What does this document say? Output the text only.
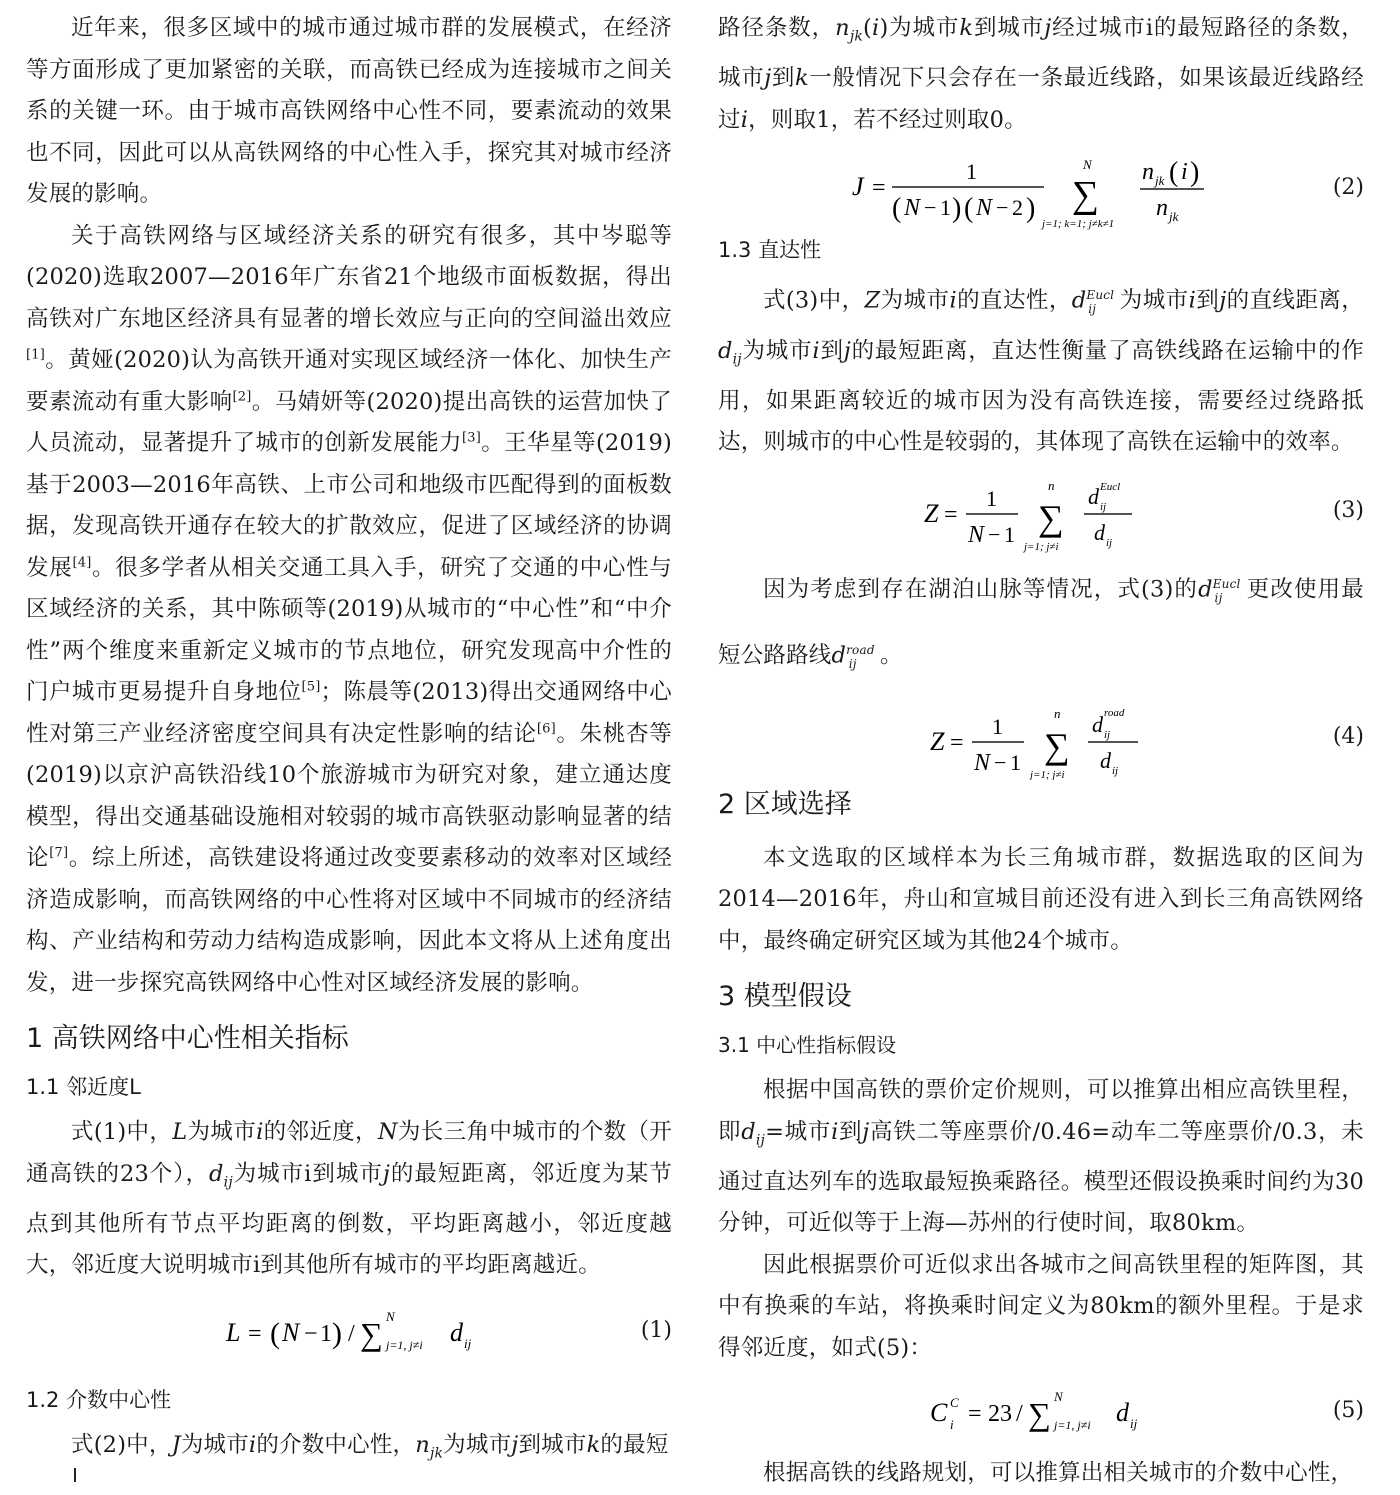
近年来，很多区域中的城市通过城市群的发展模式，在经济等方面形成了更加紧密的关联，而高铁已经成为连接城市之间关系的关键一环。由于城市高铁网络中心性不同，要素流动的效果也不同，因此可以从高铁网络的中心性入手，探究其对城市经济发展的影响。

关于高铁网络与区域经济关系的研究有很多，其中岑聪等(2020)选取2007—2016年广东省21个地级市面板数据，得出高铁对广东地区经济具有显著的增长效应与正向的空间溢出效应[1]。黄娅(2020)认为高铁开通对实现区域经济一体化、加快生产要素流动有重大影响[2]。马婧妍等(2020)提出高铁的运营加快了人员流动，显著提升了城市的创新发展能力[3]。王华星等(2019)基于2003—2016年高铁、上市公司和地级市匹配得到的面板数据，发现高铁开通存在较大的扩散效应，促进了区域经济的协调发展[4]。很多学者从相关交通工具入手，研究了交通的中心性与区域经济的关系，其中陈硕等(2019)从城市的“中心性”和“中介性”两个维度来重新定义城市的节点地位，研究发现高中介性的门户城市更易提升自身地位[5]；陈晨等(2013)得出交通网络中心性对第三产业经济密度空间具有决定性影响的结论[6]。朱桃杏等(2019)以京沪高铁沿线10个旅游城市为研究对象，建立通达度模型，得出交通基础设施相对较弱的城市高铁驱动影响显著的结论[7]。综上所述，高铁建设将通过改变要素移动的效率对区域经济造成影响，而高铁网络的中心性将对区域中不同城市的经济结构、产业结构和劳动力结构造成影响，因此本文将从上述角度出发，进一步探究高铁网络中心性对区域经济发展的影响。

1 高铁网络中心性相关指标
1.1 邻近度L

式(1)中，L为城市i的邻近度，N为长三角中城市的个数（开通高铁的23个），$d_{ij}$为城市i到城市j的最短距离，邻近度为某节点到其他所有节点平均距离的倒数，平均距离越小，邻近度越大，邻近度大说明城市i到其他所有城市的平均距离越近。

L = ( N − 1 ) / ∑ N
j=1, j≠i d ij
(1)
1.2 介数中心性

式(2)中，J为城市i的介数中心性，$n_{jk}$为城市j到城市k的最短

路径条数，$n_{jk}(i)$为城市k到城市j经过城市i的最短路径的条数，城市j到k一般情况下只会存在一条最近线路，如果该最近线路经过i，则取1，若不经过则取0。

J =
1
( N − 1 ) ( N − 2 )
N
∑
j=1; k=1; j≠k≠1
n jk ( i )
n jk
(2)
1.3 直达性

式(3)中，Z为城市i的直达性，$d^{Eucl}_{ij}$ 为城市i到j的直线距离，$d_{ij}$为城市i到j的最短距离，直达性衡量了高铁线路在运输中的作用，如果距离较近的城市因为没有高铁连接，需要经过绕路抵达，则城市的中心性是较弱的，其体现了高铁在运输中的效率。

Z =
1
N − 1
n
∑
j=1; j≠i
d Eucl
ij
d ij
(3)

因为考虑到存在湖泊山脉等情况，式(3)的$d^{Eucl}_{ij}$ 更改使用最短公路路线$d^{road}_{ij}$ 。

Z =
1
N − 1
n
∑
j=1; j≠i
d road
ij
d ij
(4)
2 区域选择

本文选取的区域样本为长三角城市群，数据选取的区间为2014—2016年，舟山和宣城目前还没有进入到长三角高铁网络中，最终确定研究区域为其他24个城市。

3 模型假设
3.1 中心性指标假设

根据中国高铁的票价定价规则，可以推算出相应高铁里程，即$d_{ij}=$城市i到j高铁二等座票价/0.46=动车二等座票价/0.3，未通过直达列车的选取最短换乘路径。模型还假设换乘时间约为30分钟，可近似等于上海—苏州的行使时间，取80km。

因此根据票价可近似求出各城市之间高铁里程的矩阵图，其中有换乘的车站，将换乘时间定义为80km的额外里程。于是求得邻近度，如式(5)：

C C
i = 23 / ∑ N
j=1, j≠i d ij
(5)

根据高铁的线路规划，可以推算出相关城市的介数中心性，
